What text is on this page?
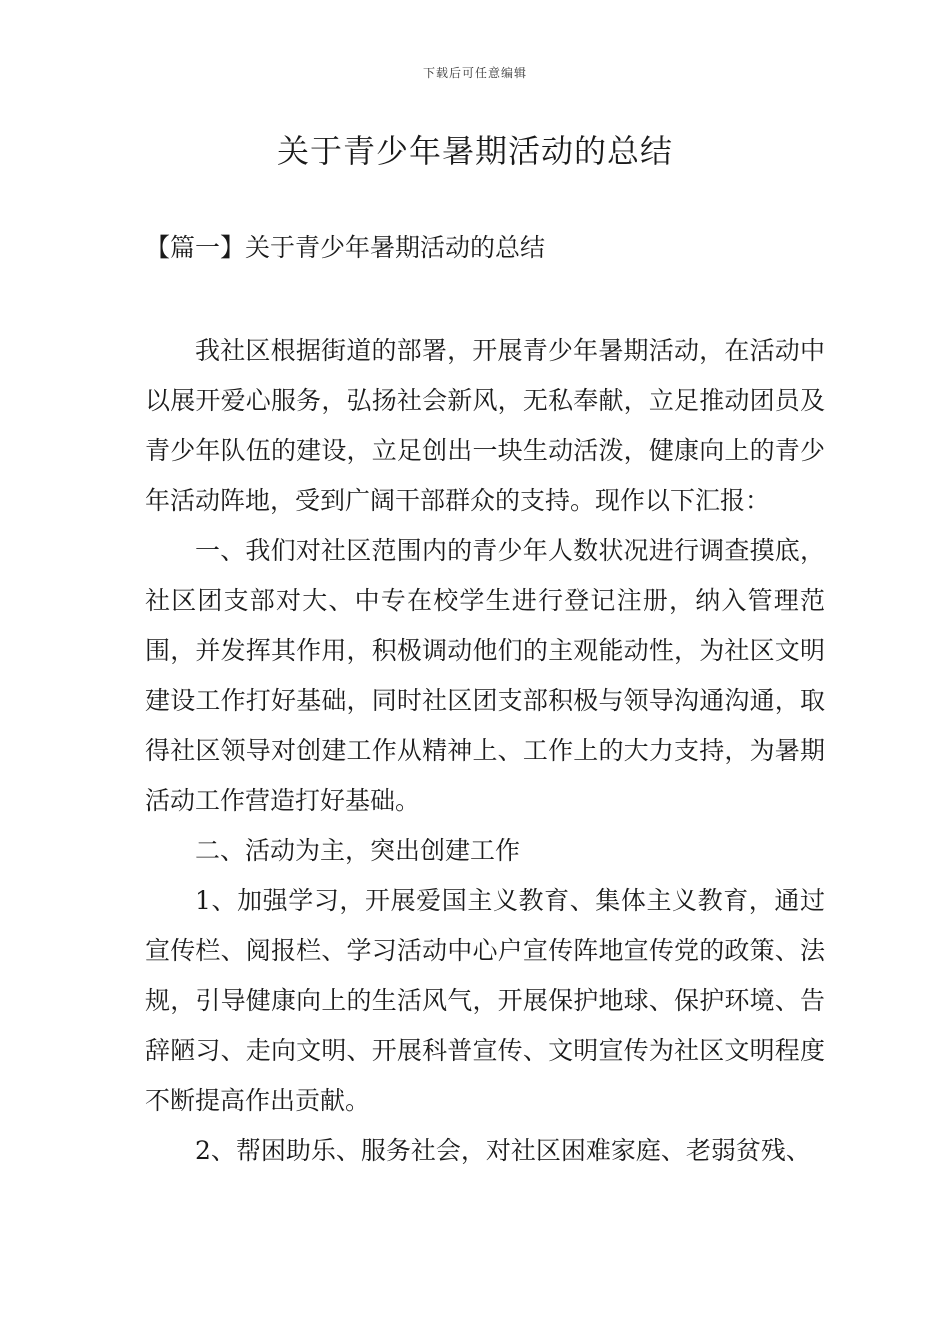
下载后可任意编辑
关于青少年暑期活动的总结
【篇一】关于青少年暑期活动的总结

我社区根据街道的部署，开展青少年暑期活动，在活动中以展开爱心服务，弘扬社会新风，无私奉献，立足推动团员及青少年队伍的建设，立足创出一块生动活泼，健康向上的青少年活动阵地，受到广阔干部群众的支持。现作以下汇报：

一、我们对社区范围内的青少年人数状况进行调查摸底，社区团支部对大、中专在校学生进行登记注册，纳入管理范围，并发挥其作用，积极调动他们的主观能动性，为社区文明建设工作打好基础，同时社区团支部积极与领导沟通沟通，取得社区领导对创建工作从精神上、工作上的大力支持，为暑期活动工作营造打好基础。

二、活动为主，突出创建工作

1、加强学习，开展爱国主义教育、集体主义教育，通过宣传栏、阅报栏、学习活动中心户宣传阵地宣传党的政策、法规，引导健康向上的生活风气，开展保护地球、保护环境、告辞陋习、走向文明、开展科普宣传、文明宣传为社区文明程度不断提高作出贡献。

2、帮困助乐、服务社会，对社区困难家庭、老弱贫残、
